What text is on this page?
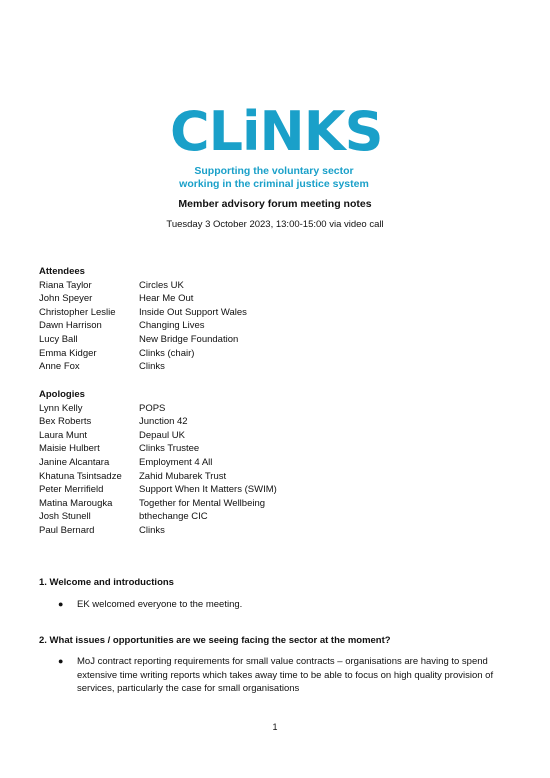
CLiNKS
Supporting the voluntary sector
working in the criminal justice system
Member advisory forum meeting notes
Tuesday 3 October 2023, 13:00-15:00 via video call
Attendees
Riana Taylor	Circles UK
John Speyer	Hear Me Out
Christopher Leslie	Inside Out Support Wales
Dawn Harrison	Changing Lives
Lucy Ball	New Bridge Foundation
Emma Kidger	Clinks (chair)
Anne Fox	Clinks
Apologies
Lynn Kelly	POPS
Bex Roberts	Junction 42
Laura Munt	Depaul UK
Maisie Hulbert	Clinks Trustee
Janine Alcantara	Employment 4 All
Khatuna Tsintsadze	Zahid Mubarek Trust
Peter Merrifield	Support When It Matters (SWIM)
Matina Marougka	Together for Mental Wellbeing
Josh Stunell	bthechange CIC
Paul Bernard	Clinks
1. Welcome and introductions
●	EK welcomed everyone to the meeting.
2. What issues / opportunities are we seeing facing the sector at the moment?
●	MoJ contract reporting requirements for small value contracts – organisations are having to spend extensive time writing reports which takes away time to be able to focus on high quality provision of services, particularly the case for small organisations
1
